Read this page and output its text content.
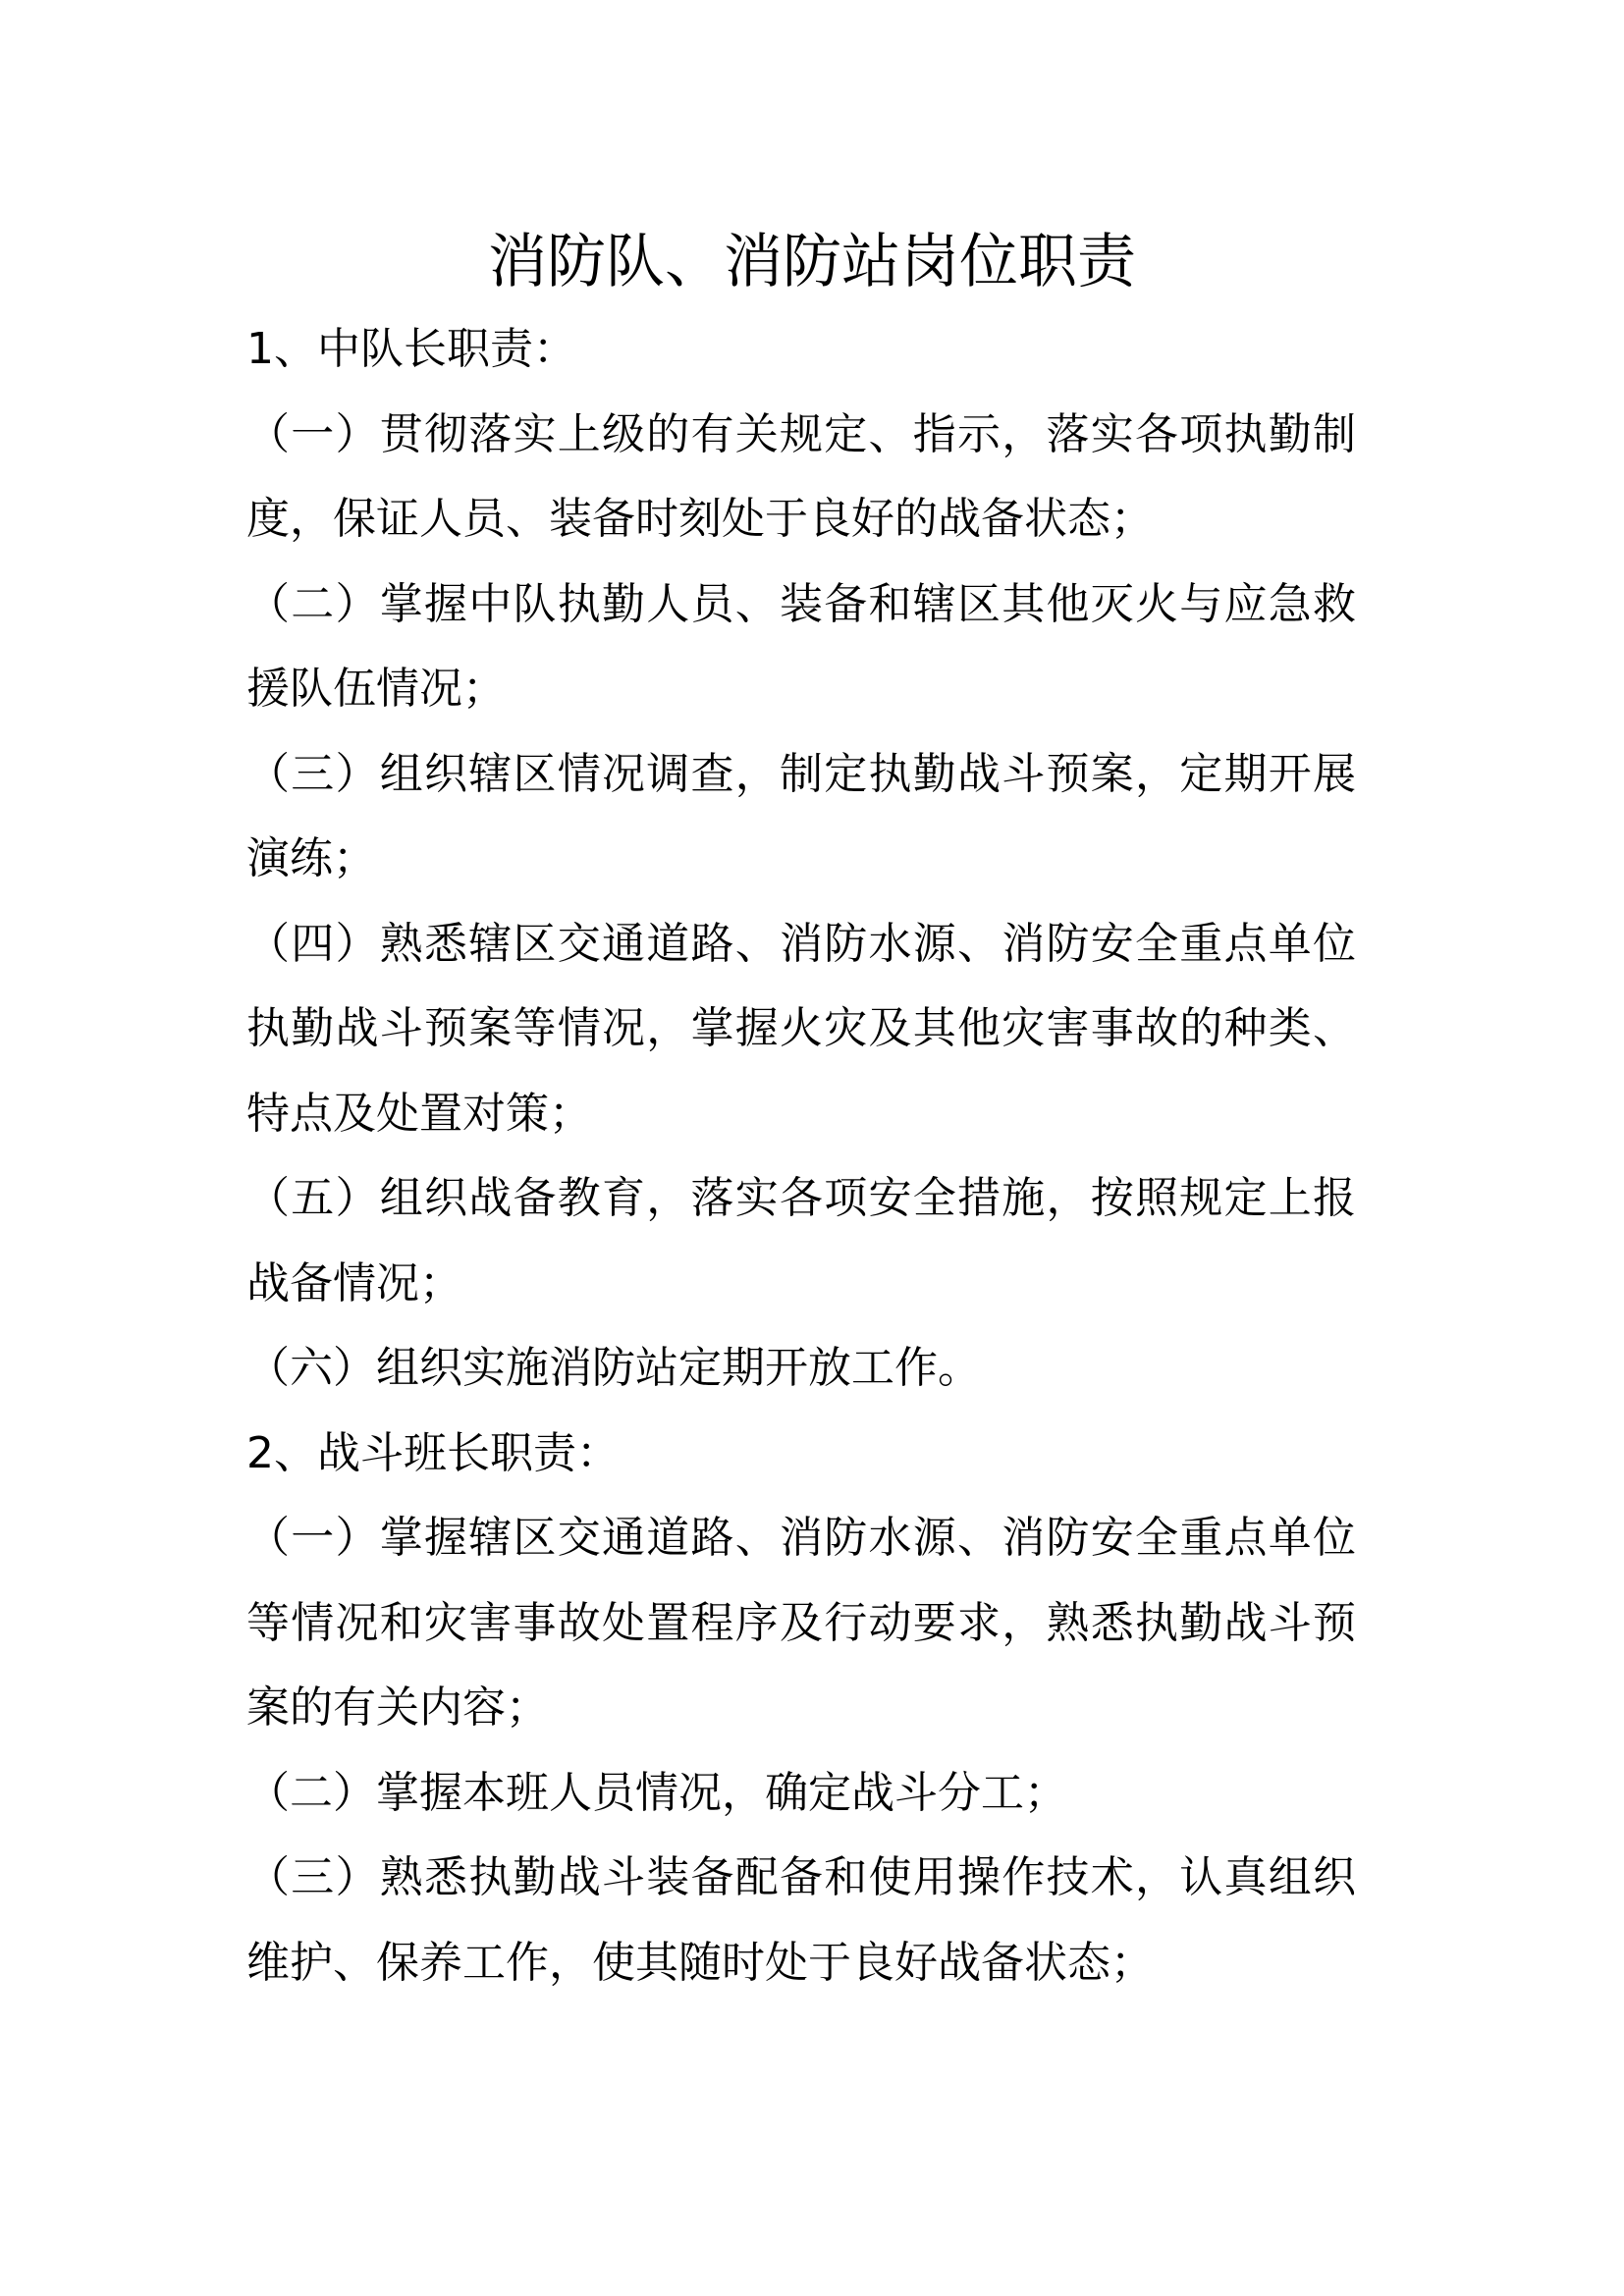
消防队、消防站岗位职责

1、中队长职责：

（一）贯彻落实上级的有关规定、指示，落实各项执勤制度，保证人员、装备时刻处于良好的战备状态；

（二）掌握中队执勤人员、装备和辖区其他灭火与应急救援队伍情况；

（三）组织辖区情况调查，制定执勤战斗预案，定期开展演练；

（四）熟悉辖区交通道路、消防水源、消防安全重点单位执勤战斗预案等情况，掌握火灾及其他灾害事故的种类、特点及处置对策；

（五）组织战备教育，落实各项安全措施，按照规定上报战备情况；

（六）组织实施消防站定期开放工作。

2、战斗班长职责：

（一）掌握辖区交通道路、消防水源、消防安全重点单位等情况和灾害事故处置程序及行动要求，熟悉执勤战斗预案的有关内容；

（二）掌握本班人员情况，确定战斗分工；

（三）熟悉执勤战斗装备配备和使用操作技术，认真组织维护、保养工作，使其随时处于良好战备状态；
